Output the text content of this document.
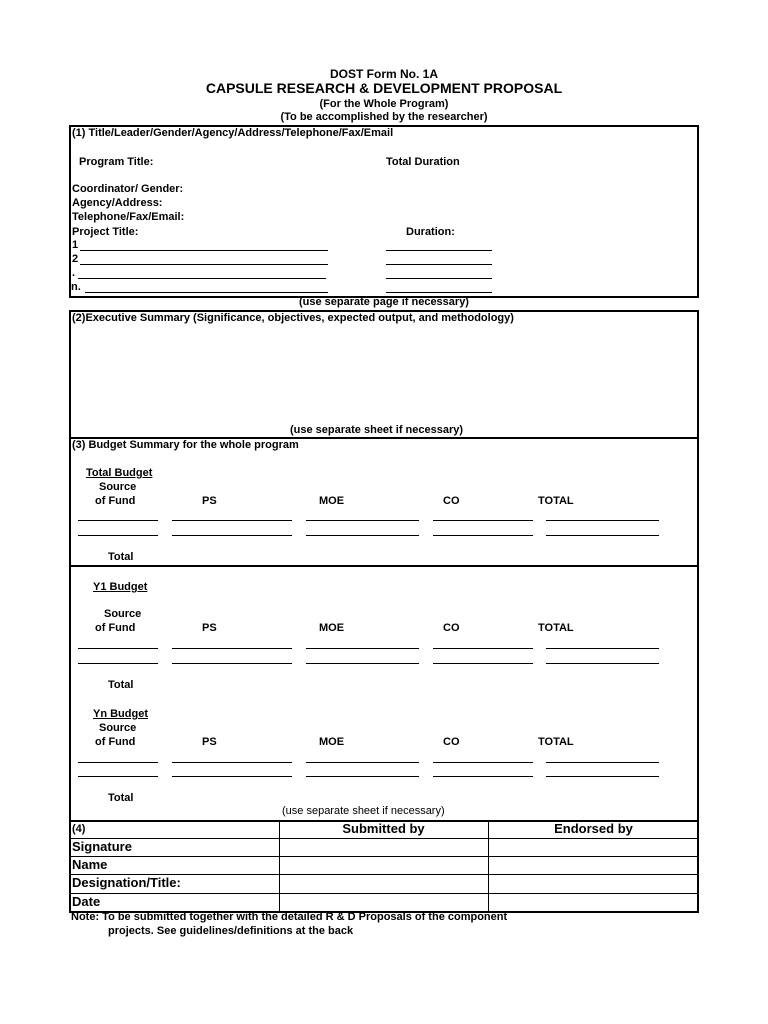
DOST Form No. 1A
CAPSULE RESEARCH & DEVELOPMENT PROPOSAL
(For the Whole Program)
(To be accomplished by the researcher)
(1) Title/Leader/Gender/Agency/Address/Telephone/Fax/Email
Program Title:	Total Duration
Coordinator/ Gender:
Agency/Address:
Telephone/Fax/Email:
Project Title:	Duration:
1
2
.
n.
(use separate page if necessary)
(2)Executive Summary (Significance, objectives, expected output, and methodology)
(use separate sheet if necessary)
(3) Budget Summary for the whole program
Total Budget
Source
of Fund	PS	MOE	CO	TOTAL
Total
Y1 Budget
Source
of Fund	PS	MOE	CO	TOTAL
Total
Yn Budget
Source
of Fund	PS	MOE	CO	TOTAL
Total
(use separate sheet if necessary)
(4)	Submitted by	Endorsed by
Signature
Name
Designation/Title:
Date
Note: To be submitted together with the detailed R & D Proposals of the component
projects. See guidelines/definitions at the back
